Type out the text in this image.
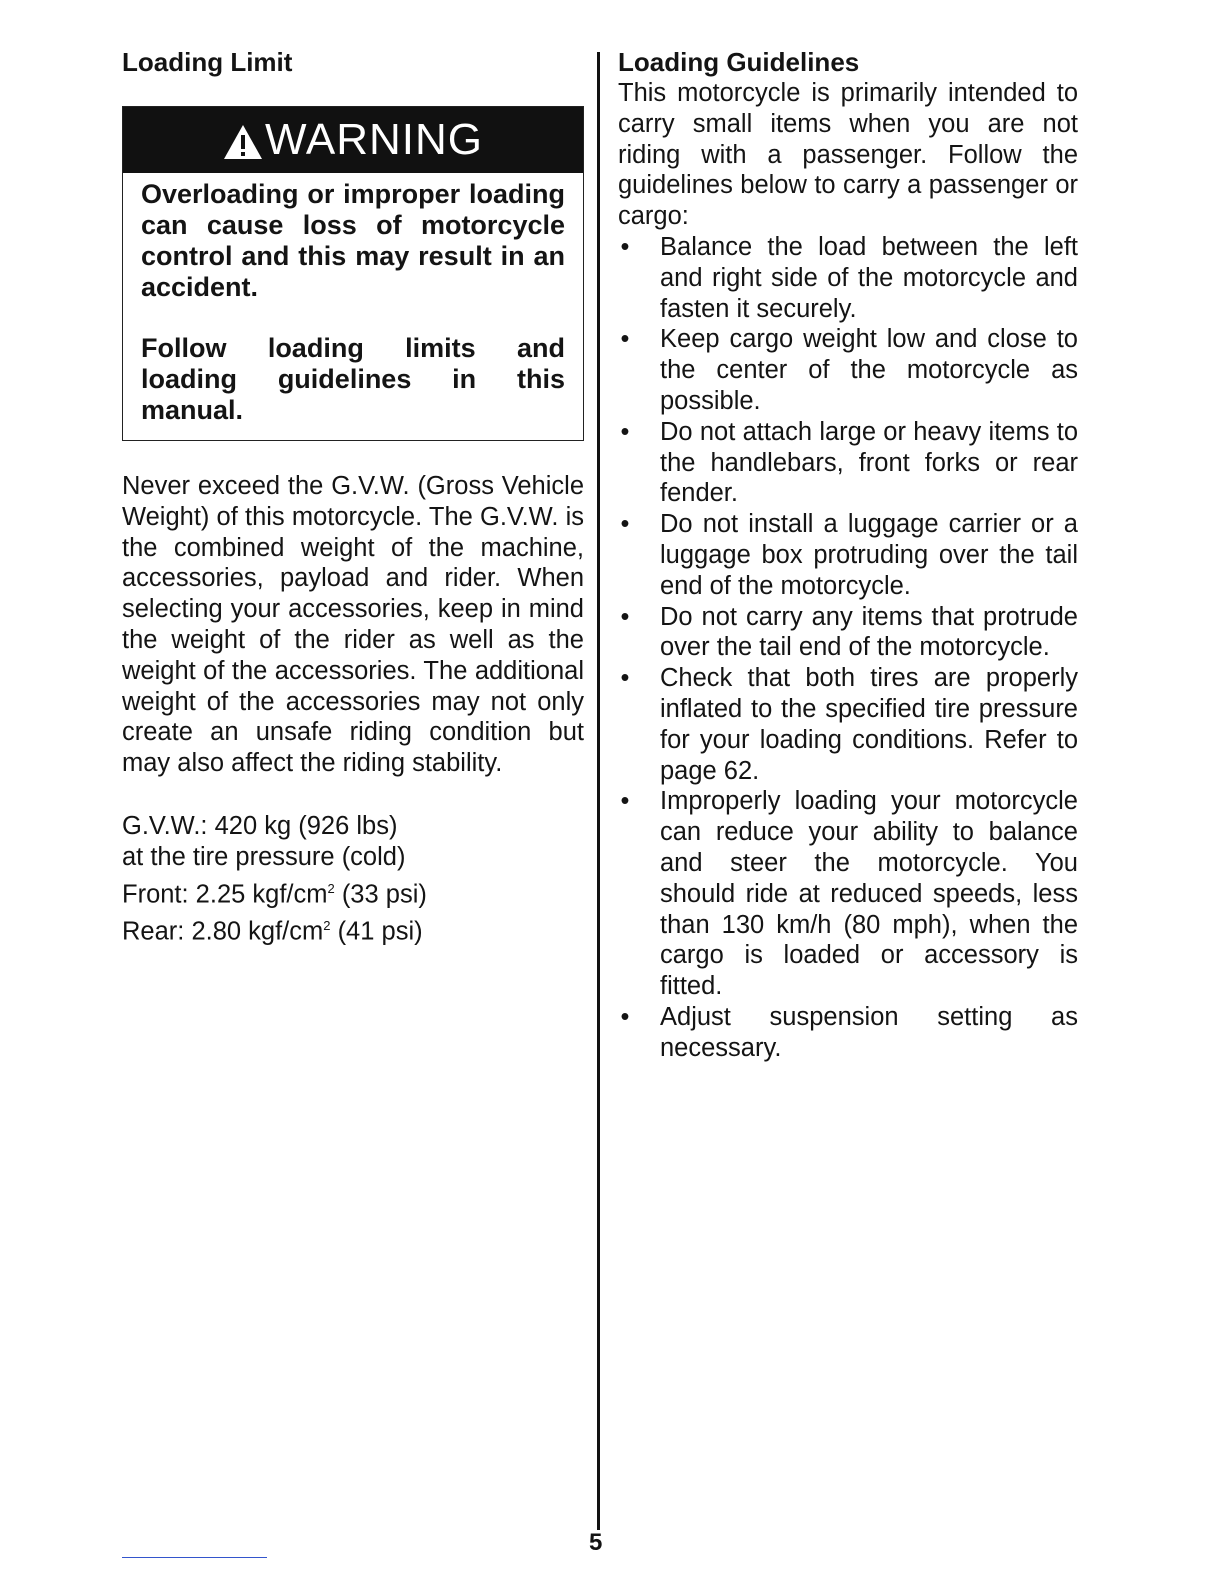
Loading Limit
WARNING

Overloading or improper loading can cause loss of motorcycle control and this may result in an accident.

Follow loading limits and loading guidelines in this manual.

Never exceed the G.V.W. (Gross Vehicle Weight) of this motorcycle. The G.V.W. is the combined weight of the machine, accessories, payload and rider. When selecting your accessories, keep in mind the weight of the rider as well as the weight of the accessories. The additional weight of the accessories may not only create an unsafe riding condition but may also affect the riding stability.

G.V.W.: 420 kg (926 lbs)
at the tire pressure (cold)
Front: 2.25 kgf/$cm^2$ (33 psi)
Rear: 2.80 kgf/$cm^2$ (41 psi)
Loading Guidelines

This motorcycle is primarily intended to carry small items when you are not riding with a passenger. Follow the guidelines below to carry a passenger or cargo:

• Balance the load between the left and right side of the motorcycle and fasten it securely.
• Keep cargo weight low and close to the center of the motorcycle as possible.
• Do not attach large or heavy items to the handlebars, front forks or rear fender.
• Do not install a luggage carrier or a luggage box protruding over the tail end of the motorcycle.
• Do not carry any items that protrude over the tail end of the motorcycle.
• Check that both tires are properly inflated to the specified tire pressure for your loading conditions. Refer to page 62.
• Improperly loading your motorcycle can reduce your ability to balance and steer the motorcycle. You should ride at reduced speeds, less than 130 km/h (80 mph), when the cargo is loaded or accessory is fitted.
• Adjust suspension setting as necessary.
5
